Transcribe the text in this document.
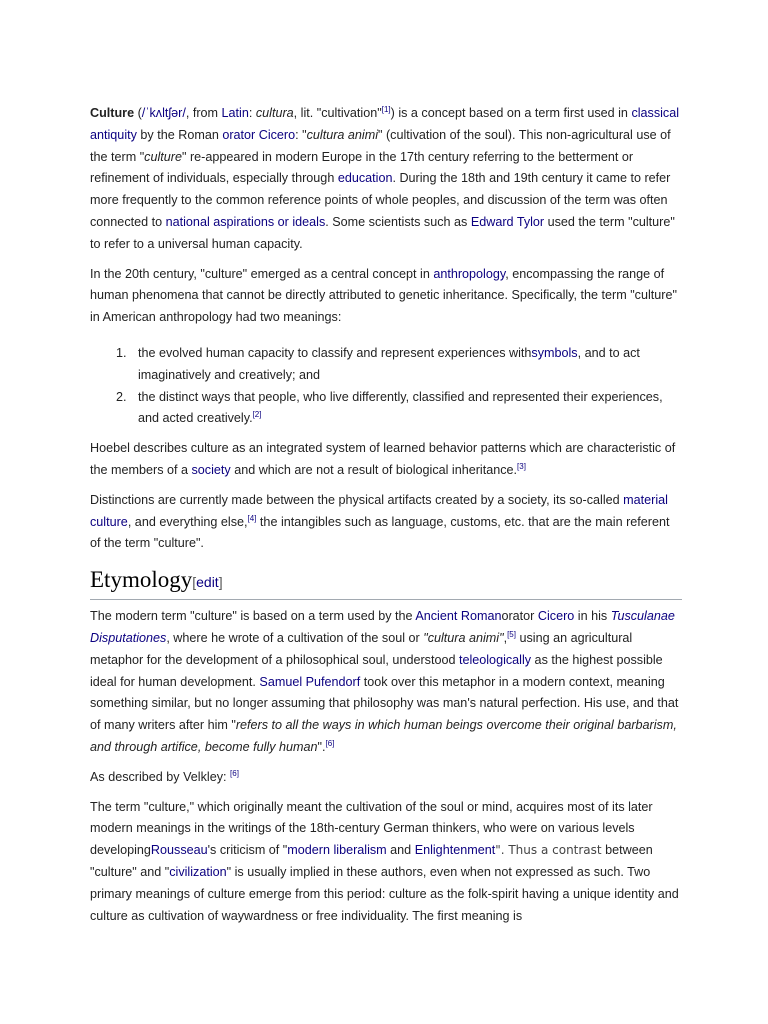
Culture (/ˈkʌltʃər/, from Latin: cultura, lit. "cultivation"[1]) is a concept based on a term first used in classical antiquity by the Roman orator Cicero: "cultura animi" (cultivation of the soul). This non-agricultural use of the term "culture" re-appeared in modern Europe in the 17th century referring to the betterment or refinement of individuals, especially through education. During the 18th and 19th century it came to refer more frequently to the common reference points of whole peoples, and discussion of the term was often connected to national aspirations or ideals. Some scientists such as Edward Tylor used the term "culture" to refer to a universal human capacity.

In the 20th century, "culture" emerged as a central concept in anthropology, encompassing the range of human phenomena that cannot be directly attributed to genetic inheritance. Specifically, the term "culture" in American anthropology had two meanings:

1. the evolved human capacity to classify and represent experiences withsymbols, and to act imaginatively and creatively; and
2. the distinct ways that people, who live differently, classified and represented their experiences, and acted creatively.[2]

Hoebel describes culture as an integrated system of learned behavior patterns which are characteristic of the members of a society and which are not a result of biological inheritance.[3]

Distinctions are currently made between the physical artifacts created by a society, its so-called material culture, and everything else,[4] the intangibles such as language, customs, etc. that are the main referent of the term "culture".

Etymology[edit]

The modern term "culture" is based on a term used by the Ancient Romanorator Cicero in his Tusculanae Disputationes, where he wrote of a cultivation of the soul or "cultura animi",[5] using an agricultural metaphor for the development of a philosophical soul, understood teleologically as the highest possible ideal for human development. Samuel Pufendorf took over this metaphor in a modern context, meaning something similar, but no longer assuming that philosophy was man's natural perfection. His use, and that of many writers after him "refers to all the ways in which human beings overcome their original barbarism, and through artifice, become fully human".[6]

As described by Velkley: [6]

The term "culture," which originally meant the cultivation of the soul or mind, acquires most of its later modern meanings in the writings of the 18th-century German thinkers, who were on various levels developingRousseau's criticism of "modern liberalism and Enlightenment". Thus a contrast between "culture" and "civilization" is usually implied in these authors, even when not expressed as such. Two primary meanings of culture emerge from this period: culture as the folk-spirit having a unique identity and culture as cultivation of waywardness or free individuality. The first meaning is
